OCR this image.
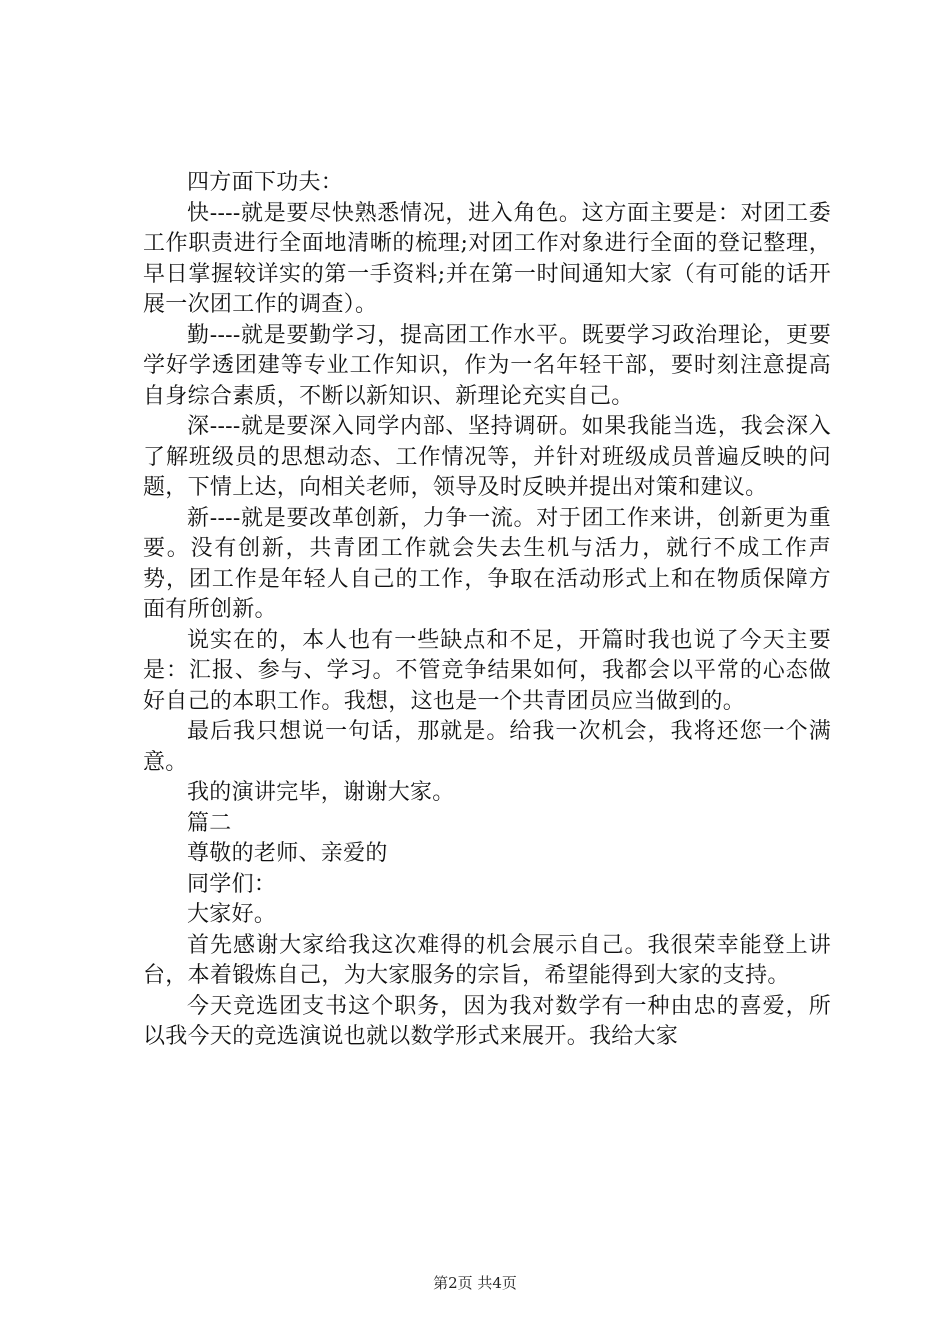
四方面下功夫：

快----就是要尽快熟悉情况，进入角色。这方面主要是：对团工委工作职责进行全面地清晰的梳理;对团工作对象进行全面的登记整理，早日掌握较详实的第一手资料;并在第一时间通知大家（有可能的话开展一次团工作的调查）。

勤----就是要勤学习，提高团工作水平。既要学习政治理论，更要学好学透团建等专业工作知识，作为一名年轻干部，要时刻注意提高自身综合素质，不断以新知识、新理论充实自己。

深----就是要深入同学内部、坚持调研。如果我能当选，我会深入了解班级员的思想动态、工作情况等，并针对班级成员普遍反映的问题，下情上达，向相关老师，领导及时反映并提出对策和建议。

新----就是要改革创新，力争一流。对于团工作来讲，创新更为重要。没有创新，共青团工作就会失去生机与活力，就行不成工作声势，团工作是年轻人自己的工作，争取在活动形式上和在物质保障方面有所创新。

说实在的，本人也有一些缺点和不足，开篇时我也说了今天主要是：汇报、参与、学习。不管竞争结果如何，我都会以平常的心态做好自己的本职工作。我想，这也是一个共青团员应当做到的。

最后我只想说一句话，那就是。给我一次机会，我将还您一个满意。

我的演讲完毕，谢谢大家。

篇二

尊敬的老师、亲爱的

同学们：

大家好。

首先感谢大家给我这次难得的机会展示自己。我很荣幸能登上讲台，本着锻炼自己，为大家服务的宗旨，希望能得到大家的支持。

今天竞选团支书这个职务，因为我对数学有一种由忠的喜爱，所以我今天的竞选演说也就以数学形式来展开。我给大家

第2页 共4页
